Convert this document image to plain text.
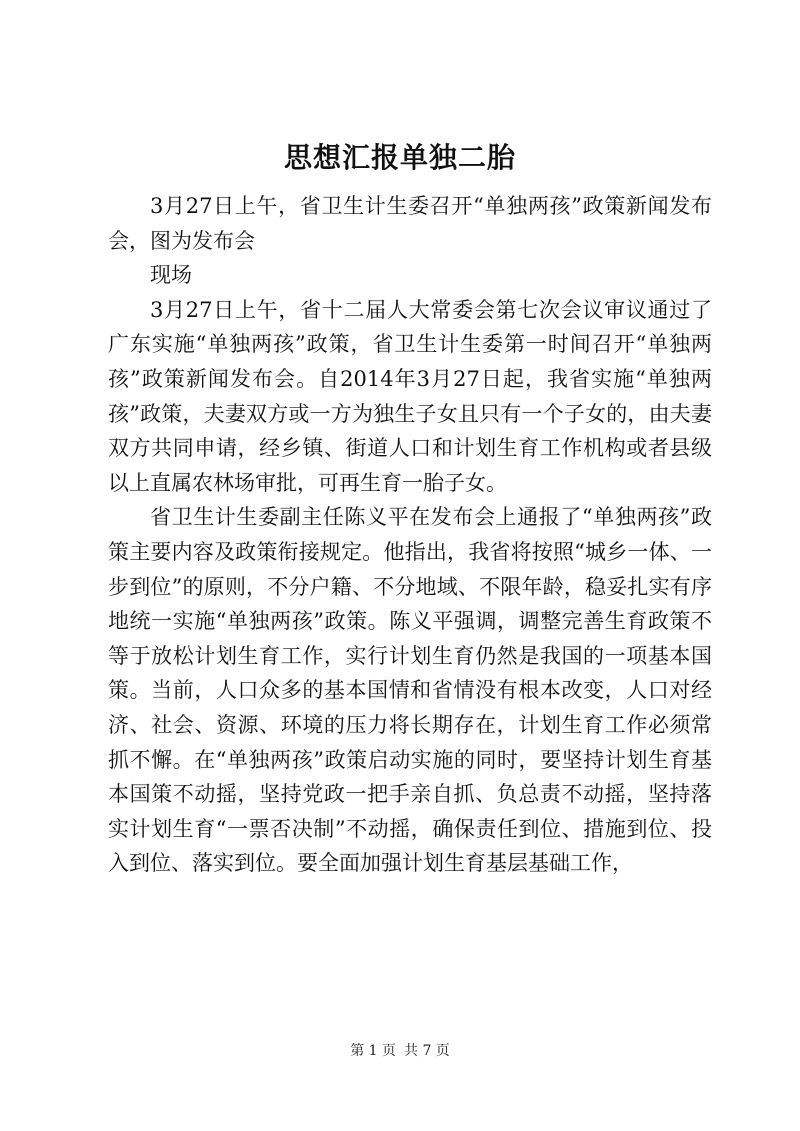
思想汇报单独二胎

3月27日上午，省卫生计生委召开“单独两孩”政策新闻发布会，图为发布会

现场

3月27日上午，省十二届人大常委会第七次会议审议通过了广东实施“单独两孩”政策，省卫生计生委第一时间召开“单独两孩”政策新闻发布会。自2014年3月27日起，我省实施“单独两孩”政策，夫妻双方或一方为独生子女且只有一个子女的，由夫妻双方共同申请，经乡镇、街道人口和计划生育工作机构或者县级以上直属农林场审批，可再生育一胎子女。

省卫生计生委副主任陈义平在发布会上通报了“单独两孩”政策主要内容及政策衔接规定。他指出，我省将按照“城乡一体、一步到位”的原则，不分户籍、不分地域、不限年龄，稳妥扎实有序地统一实施“单独两孩”政策。陈义平强调，调整完善生育政策不等于放松计划生育工作，实行计划生育仍然是我国的一项基本国策。当前，人口众多的基本国情和省情没有根本改变，人口对经济、社会、资源、环境的压力将长期存在，计划生育工作必须常抓不懈。在“单独两孩”政策启动实施的同时，要坚持计划生育基本国策不动摇，坚持党政一把手亲自抓、负总责不动摇，坚持落实计划生育“一票否决制”不动摇，确保责任到位、措施到位、投入到位、落实到位。要全面加强计划生育基层基础工作，

第 1 页 共 7 页
